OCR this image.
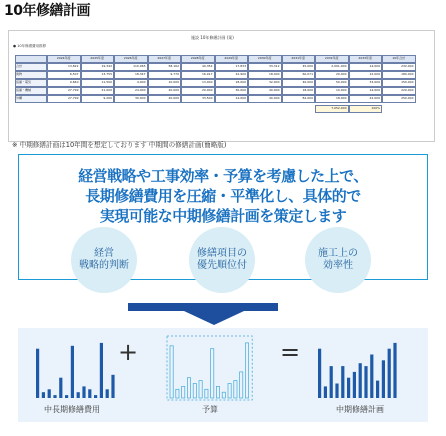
10年修繕計画
施設 10年修繕計画 (案)
● 10年修繕費用推移
2024年度	2025年度	2026年度	2027年度	2028年度	2029年度	2030年度	2031年度	2032年度	2033年度	10年合計
合計	13,822	19,342	110,065	58,162	40,354	17,833	33,312	45,000	2,001,000	14,000	232,000
建物	6,507	13,755	18,347	9,770	16,917	22,900	18,400	60,071	20,000	12,000	180,000
設備・電気	9,840	11,500	4,000	10,000	13,000	18,000	32,000	40,000	50,000	33,000	150,000
設備・機械	27,799	21,000	24,000	20,000	20,000	30,000	40,000	18,000	10,000	14,000	220,000
外構	27,799	9,200	30,000	20,000	33,500	14,000	40,000	82,000	18,000	22,000	250,000
7,052,000	100%
※ 中期修繕計画は10年間を想定しております 中期間の修繕計画(簡略版)
経営戦略や工事効率・予算を考慮した上で、
長期修繕費用を圧縮・平準化し、具体的で
実現可能な中期修繕計画を策定します
経営
戦略的判断
修繕項目の
優先順位付
施工上の
効率性
+	=
中長期修繕費用	予算	中期修繕計画
